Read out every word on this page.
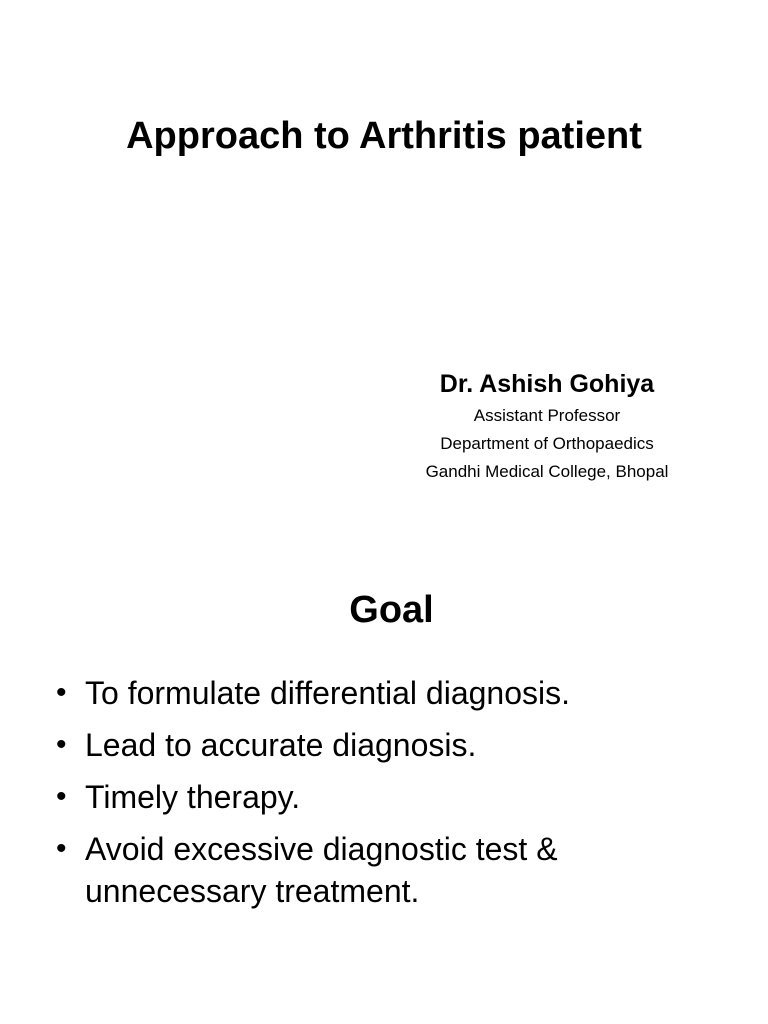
Approach to Arthritis patient

Dr. Ashish Gohiya

Assistant Professor

Department of Orthopaedics

Gandhi Medical College, Bhopal

Goal
• To formulate differential diagnosis.
• Lead to accurate diagnosis.
• Timely therapy.
• Avoid excessive diagnostic test & unnecessary treatment.
